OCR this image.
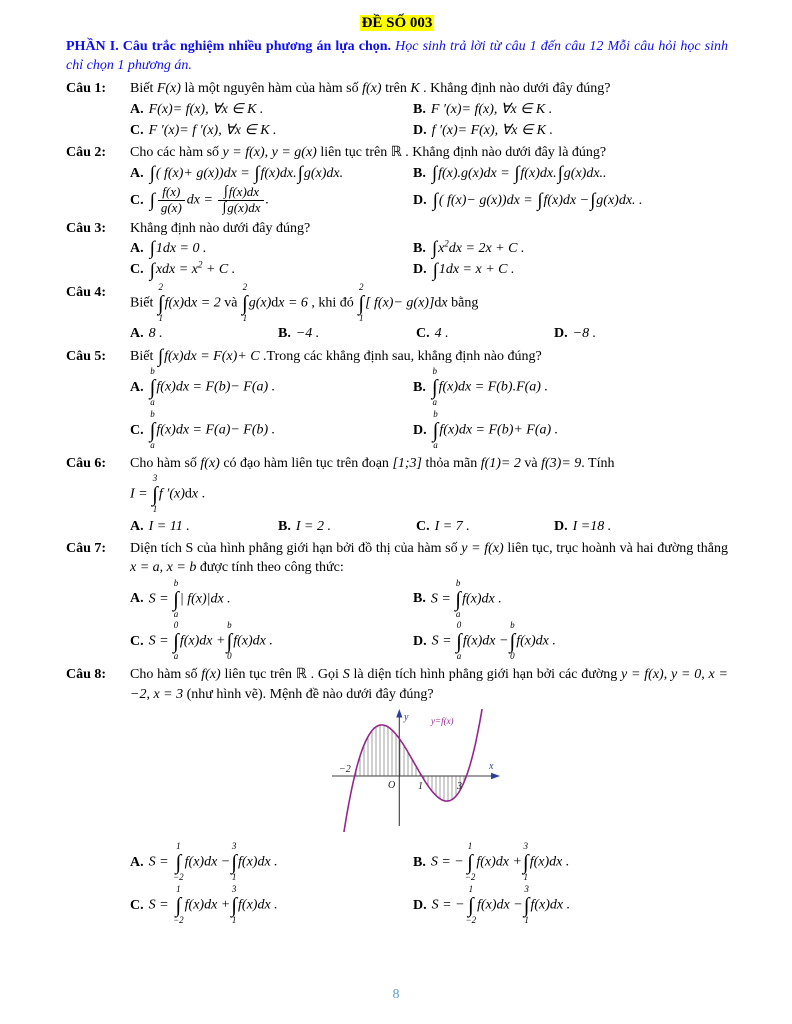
ĐỀ SỐ 003
PHẦN I. Câu trắc nghiệm nhiều phương án lựa chọn. Học sinh trả lời từ câu 1 đến câu 12 Mỗi câu hỏi học sinh chỉ chọn 1 phương án.
Câu 1:	Biết F(x) là một nguyên hàm của hàm số f(x) trên K . Khẳng định nào dưới đây đúng?
A. F(x)= f(x), ∀x ∈ K .	B. F ′(x)= f(x), ∀x ∈ K .
C. F ′(x)= f ′(x), ∀x ∈ K .	D. f ′(x)= F(x), ∀x ∈ K .
Câu 2:	Cho các hàm số y = f(x), y = g(x) liên tục trên ℝ . Khẳng định nào dưới đây là đúng?
A. ∫( f(x)+ g(x))dx = ∫f(x)dx.∫g(x)dx.	B. ∫f(x).g(x)dx = ∫f(x)dx.∫g(x)dx..
C. ∫ $\frac{f(x)}{g(x)}$ dx = $\frac{\int f(x)dx}{\int g(x)dx}$ .	D. ∫( f(x)− g(x))dx = ∫f(x)dx −∫g(x)dx. .
Câu 3:	Khẳng định nào dưới đây đúng?
A. ∫1dx = 0 .	B. $\int x^2dx = 2x + C$ .
C. $\int xdx = x^2 + C$ .	D. ∫1dx = x + C .
Câu 4:
Biết
2
∫
1
f(x)dx = 2 và
2
∫
1
g(x)dx = 6 , khi đó
2
∫
1
[ f(x)− g(x)]dx bằng
A. 8 .	B. −4 .	C. 4 .	D. −8 .
Câu 5:	Biết ∫f(x)dx = F(x)+ C .Trong các khẳng định sau, khẳng định nào đúng?
A.
b
∫
a
f(x)dx = F(b)− F(a) .	B.
b
∫
a
f(x)dx = F(b).F(a) .
C.
b
∫
a
f(x)dx = F(a)− F(b) .	D.
b
∫
a
f(x)dx = F(b)+ F(a) .
Câu 6:	Cho hàm số f(x) có đạo hàm liên tục trên đoạn [1;3] thỏa mãn f(1)= 2 và f(3)= 9. Tính
I =
3
∫
1
f ′(x)dx .
A. I = 11 .	B. I = 2 .	C. I = 7 .	D. I =18 .
Câu 7:	Diện tích S của hình phẳng giới hạn bởi đồ thị của hàm số y = f(x) liên tục, trục hoành và hai đường thẳng x = a, x = b được tính theo công thức:
A. S =
b
∫
a
| f(x)|dx .	B. S =
b
∫
a
f(x)dx .
C. S =
0
∫
a
f(x)dx +
b
∫
0
f(x)dx .	D. S =
0
∫
a
f(x)dx −
b
∫
0
f(x)dx .
Câu 8:	Cho hàm số f(x) liên tục trên ℝ . Gọi S là diện tích hình phẳng giới hạn bởi các đường y = f(x), y = 0, x = −2, x = 3 (như hình vẽ). Mệnh đề nào dưới đây đúng?
y
x
O
−2
1	3
y=f(x)
A. S =
1
∫
−2
f(x)dx −
3
∫
1
f(x)dx .	B. S = −
1
∫
−2
f(x)dx +
3
∫
1
f(x)dx .
C. S =
1
∫
−2
f(x)dx +
3
∫
1
f(x)dx .	D. S = −
1
∫
−2
f(x)dx −
3
∫
1
f(x)dx .
8
